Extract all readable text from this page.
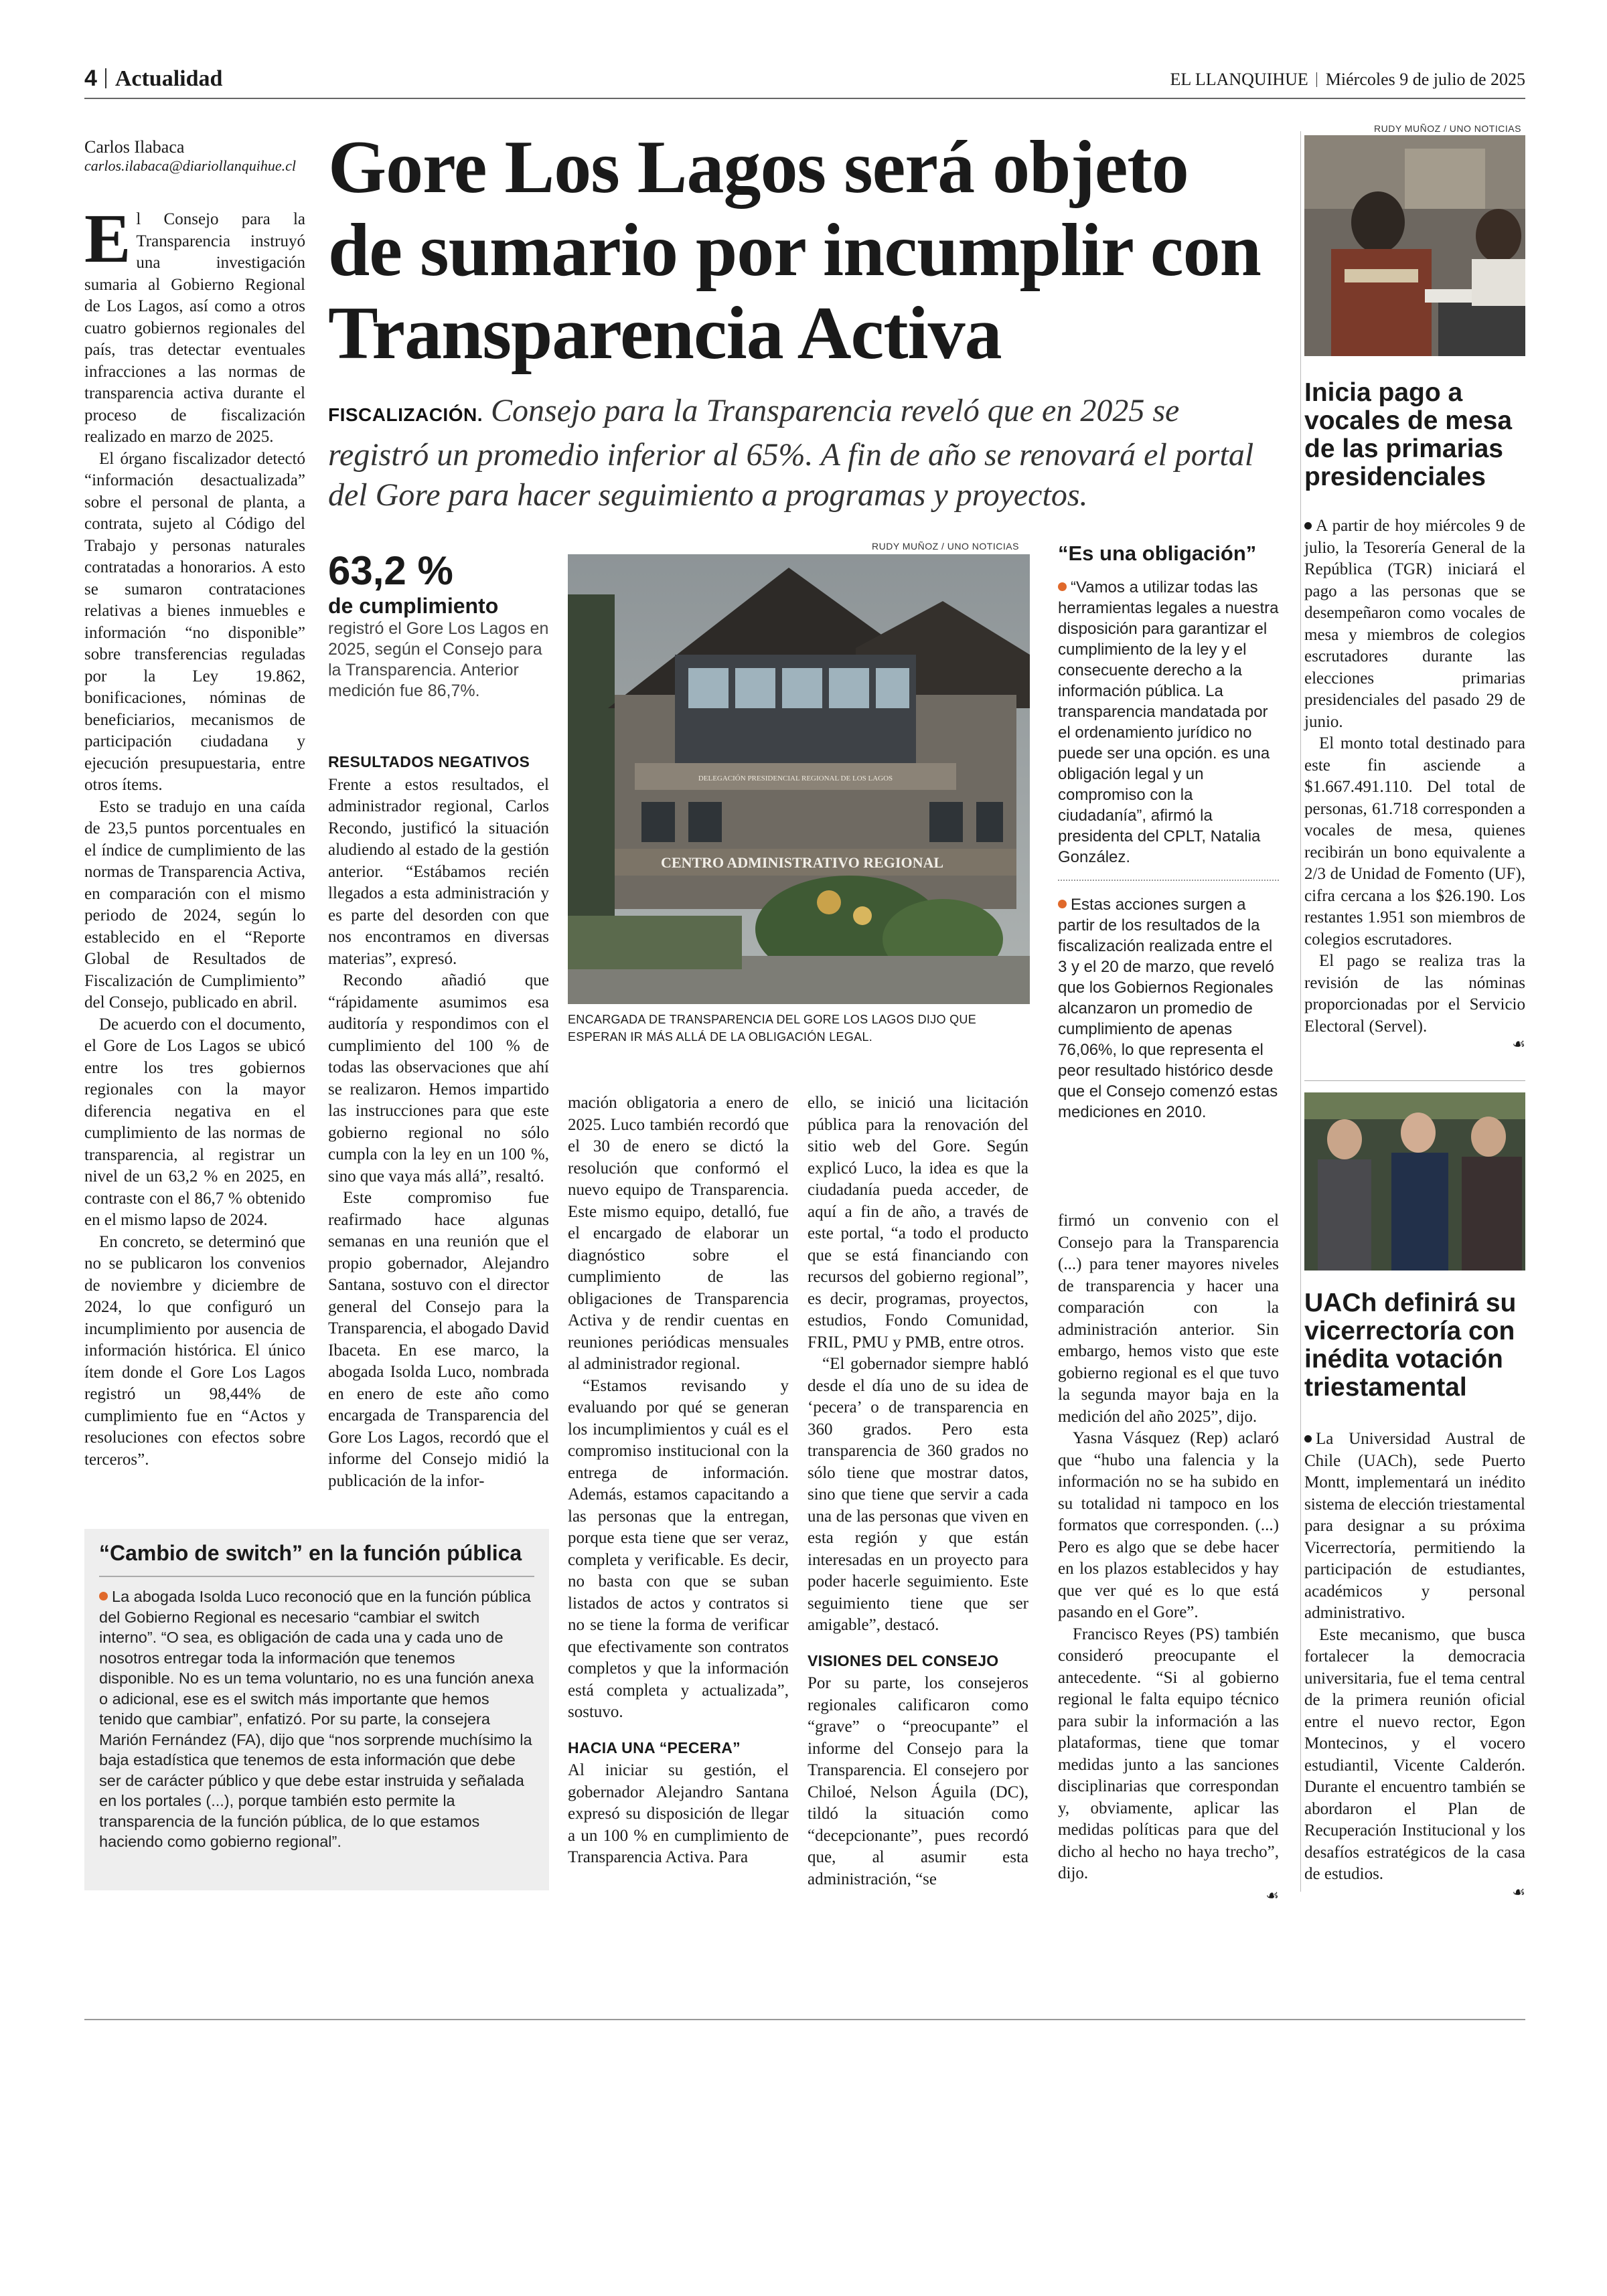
4 Actualidad	EL LLANQUIHUE Miércoles 9 de julio de 2025
Carlos Ilabaca
carlos.ilabaca@diariollanquihue.cl Gore Los Lagos será objeto de sumario por incumplir con Transparencia Activa
FISCALIZACIÓN. Consejo para la Transparencia reveló que en 2025 se registró un promedio inferior al 65%. A fin de año se renovará el portal del Gore para hacer seguimiento a programas y proyectos.

El Consejo para la Transparencia instruyó una investigación sumaria al Gobierno Regional de Los Lagos, así como a otros cuatro gobiernos regionales del país, tras detectar eventuales infracciones a las normas de transparencia activa durante el proceso de fiscalización realizado en marzo de 2025.

El órgano fiscalizador detectó “información desactualizada” sobre el personal de planta, a contrata, sujeto al Código del Trabajo y personas naturales contratadas a honorarios. A esto se sumaron contrataciones relativas a bienes inmuebles e información “no disponible” sobre transferencias reguladas por la Ley 19.862, bonificaciones, nóminas de beneficiarios, mecanismos de participación ciudadana y ejecución presupuestaria, entre otros ítems.

Esto se tradujo en una caída de 23,5 puntos porcentuales en el índice de cumplimiento de las normas de Transparencia Activa, en comparación con el mismo periodo de 2024, según lo establecido en el “Reporte Global de Resultados de Fiscalización de Cumplimiento” del Consejo, publicado en abril.

De acuerdo con el documento, el Gore de Los Lagos se ubicó entre los tres gobiernos regionales con la mayor diferencia negativa en el cumplimiento de las normas de transparencia, al registrar un nivel de un 63,2 % en 2025, en contraste con el 86,7 % obtenido en el mismo lapso de 2024.

En concreto, se determinó que no se publicaron los convenios de noviembre y diciembre de 2024, lo que configuró un incumplimiento por ausencia de información histórica. El único ítem donde el Gore Los Lagos registró un 98,44% de cumplimiento fue en “Actos y resoluciones con efectos sobre terceros”.

63,2 %
de cumplimiento
registró el Gore Los Lagos en 2025, según el Consejo para la Transparencia. Anterior medición fue 86,7%.
RESULTADOS NEGATIVOS

Frente a estos resultados, el administrador regional, Carlos Recondo, justificó la situación aludiendo al estado de la gestión anterior. “Estábamos recién llegados a esta administración y es parte del desorden con que nos encontramos en diversas materias”, expresó.

Recondo añadió que “rápidamente asumimos esa auditoría y respondimos con el cumplimiento del 100 % de todas las observaciones que ahí se realizaron. Hemos impartido las instrucciones para que este gobierno regional no sólo cumpla con la ley en un 100 %, sino que vaya más allá”, resaltó.

Este compromiso fue reafirmado hace algunas semanas en una reunión que el propio gobernador, Alejandro Santana, sostuvo con el director general del Consejo para la Transparencia, el abogado David Ibaceta. En ese marco, la abogada Isolda Luco, nombrada en enero de este año como encargada de Transparencia del Gore Los Lagos, recordó que el informe del Consejo midió la publicación de la infor-

RUDY MUÑOZ / UNO NOTICIAS
CENTRO ADMINISTRATIVO REGIONAL
DELEGACIÓN PRESIDENCIAL REGIONAL DE LOS LAGOS
ENCARGADA DE TRANSPARENCIA DEL GORE LOS LAGOS DIJO QUE ESPERAN IR MÁS ALLÁ DE LA OBLIGACIÓN LEGAL.

mación obligatoria a enero de 2025. Luco también recordó que el 30 de enero se dictó la resolución que conformó el nuevo equipo de Transparencia. Este mismo equipo, detalló, fue el encargado de elaborar un diagnóstico sobre el cumplimiento de las obligaciones de Transparencia Activa y de rendir cuentas en reuniones periódicas mensuales al administrador regional.

“Estamos revisando y evaluando por qué se generan los incumplimientos y cuál es el compromiso institucional con la entrega de información. Además, estamos capacitando a las personas que la entregan, porque esta tiene que ser veraz, completa y verificable. Es decir, no basta con que se suban listados de actos y contratos si no se tiene la forma de verificar que efectivamente son contratos completos y que la información está completa y actualizada”, sostuvo.

HACIA UNA “PECERA”

Al iniciar su gestión, el gobernador Alejandro Santana expresó su disposición de llegar a un 100 % en cumplimiento de Transparencia Activa. Para

ello, se inició una licitación pública para la renovación del sitio web del Gore. Según explicó Luco, la idea es que la ciudadanía pueda acceder, de aquí a fin de año, a través de este portal, “a todo el producto que se está financiando con recursos del gobierno regional”, es decir, programas, proyectos, estudios, Fondo Comunidad, FRIL, PMU y PMB, entre otros.

“El gobernador siempre habló desde el día uno de su idea de ‘pecera’ o de transparencia en 360 grados. Pero esta transparencia de 360 grados no sólo tiene que mostrar datos, sino que tiene que servir a cada una de las personas que viven en esta región y que están interesadas en un proyecto para poder hacerle seguimiento. Este seguimiento tiene que ser amigable”, destacó.

VISIONES DEL CONSEJO

Por su parte, los consejeros regionales calificaron como “grave” o “preocupante” el informe del Consejo para la Transparencia. El consejero por Chiloé, Nelson Águila (DC), tildó la situación como “decepcionante”, pues recordó que, al asumir esta administración, “se

“Es una obligación”
“Vamos a utilizar todas las herramientas legales a nuestra disposición para garantizar el cumplimiento de la ley y el consecuente derecho a la información pública. La transparencia mandatada por el ordenamiento jurídico no puede ser una opción. es una obligación legal y un compromiso con la ciudadanía”, afirmó la presidenta del CPLT, Natalia González.
Estas acciones surgen a partir de los resultados de la fiscalización realizada entre el 3 y el 20 de marzo, que reveló que los Gobiernos Regionales alcanzaron un promedio de cumplimiento de apenas 76,06%, lo que representa el peor resultado histórico desde que el Consejo comenzó estas mediciones en 2010.

firmó un convenio con el Consejo para la Transparencia (...) para tener mayores niveles de transparencia y hacer una comparación con la administración anterior. Sin embargo, hemos visto que este gobierno regional es el que tuvo la segunda mayor baja en la medición del año 2025”, dijo.

Yasna Vásquez (Rep) aclaró que “hubo una falencia y la información no se ha subido en su totalidad ni tampoco en los formatos que corresponden. (...) Pero es algo que se debe hacer en los plazos establecidos y hay que ver qué es lo que está pasando en el Gore”.

Francisco Reyes (PS) también consideró preocupante el antecedente. “Si al gobierno regional le falta equipo técnico para subir la información a las plataformas, tiene que tomar medidas junto a las sanciones disciplinarias que correspondan y, obviamente, aplicar las medidas políticas para que del dicho al hecho no haya trecho”, dijo.

☙
“Cambio de switch” en la función pública
La abogada Isolda Luco reconoció que en la función pública del Gobierno Regional es necesario “cambiar el switch interno”. “O sea, es obligación de cada una y cada uno de nosotros entregar toda la información que tenemos disponible. No es un tema voluntario, no es una función anexa o adicional, ese es el switch más importante que hemos tenido que cambiar”, enfatizó. Por su parte, la consejera Marión Fernández (FA), dijo que “nos sorprende muchísimo la baja estadística que tenemos de esta información que debe ser de carácter público y que debe estar instruida y señalada en los portales (...), porque también esto permite la transparencia de la función pública, de lo que estamos haciendo como gobierno regional”.
RUDY MUÑOZ / UNO NOTICIAS
Inicia pago a vocales de mesa de las primarias presidenciales

A partir de hoy miércoles 9 de julio, la Tesorería General de la República (TGR) iniciará el pago a las personas que se desempeñaron como vocales de mesa y miembros de colegios escrutadores durante las elecciones primarias presidenciales del pasado 29 de junio.

El monto total destinado para este fin asciende a $1.667.491.110. Del total de personas, 61.718 corresponden a vocales de mesa, quienes recibirán un bono equivalente a 2/3 de Unidad de Fomento (UF), cifra cercana a los $26.190. Los restantes 1.951 son miembros de colegios escrutadores.

El pago se realiza tras la revisión de las nóminas proporcionadas por el Servicio Electoral (Servel).

☙
UACh definirá su vicerrectoría con inédita votación triestamental

La Universidad Austral de Chile (UACh), sede Puerto Montt, implementará un inédito sistema de elección triestamental para designar a su próxima Vicerrectoría, permitiendo la participación de estudiantes, académicos y personal administrativo.

Este mecanismo, que busca fortalecer la democracia universitaria, fue el tema central de la primera reunión oficial entre el nuevo rector, Egon Montecinos, y el vocero estudiantil, Vicente Calderón. Durante el encuentro también se abordaron el Plan de Recuperación Institucional y los desafíos estratégicos de la casa de estudios.

☙
